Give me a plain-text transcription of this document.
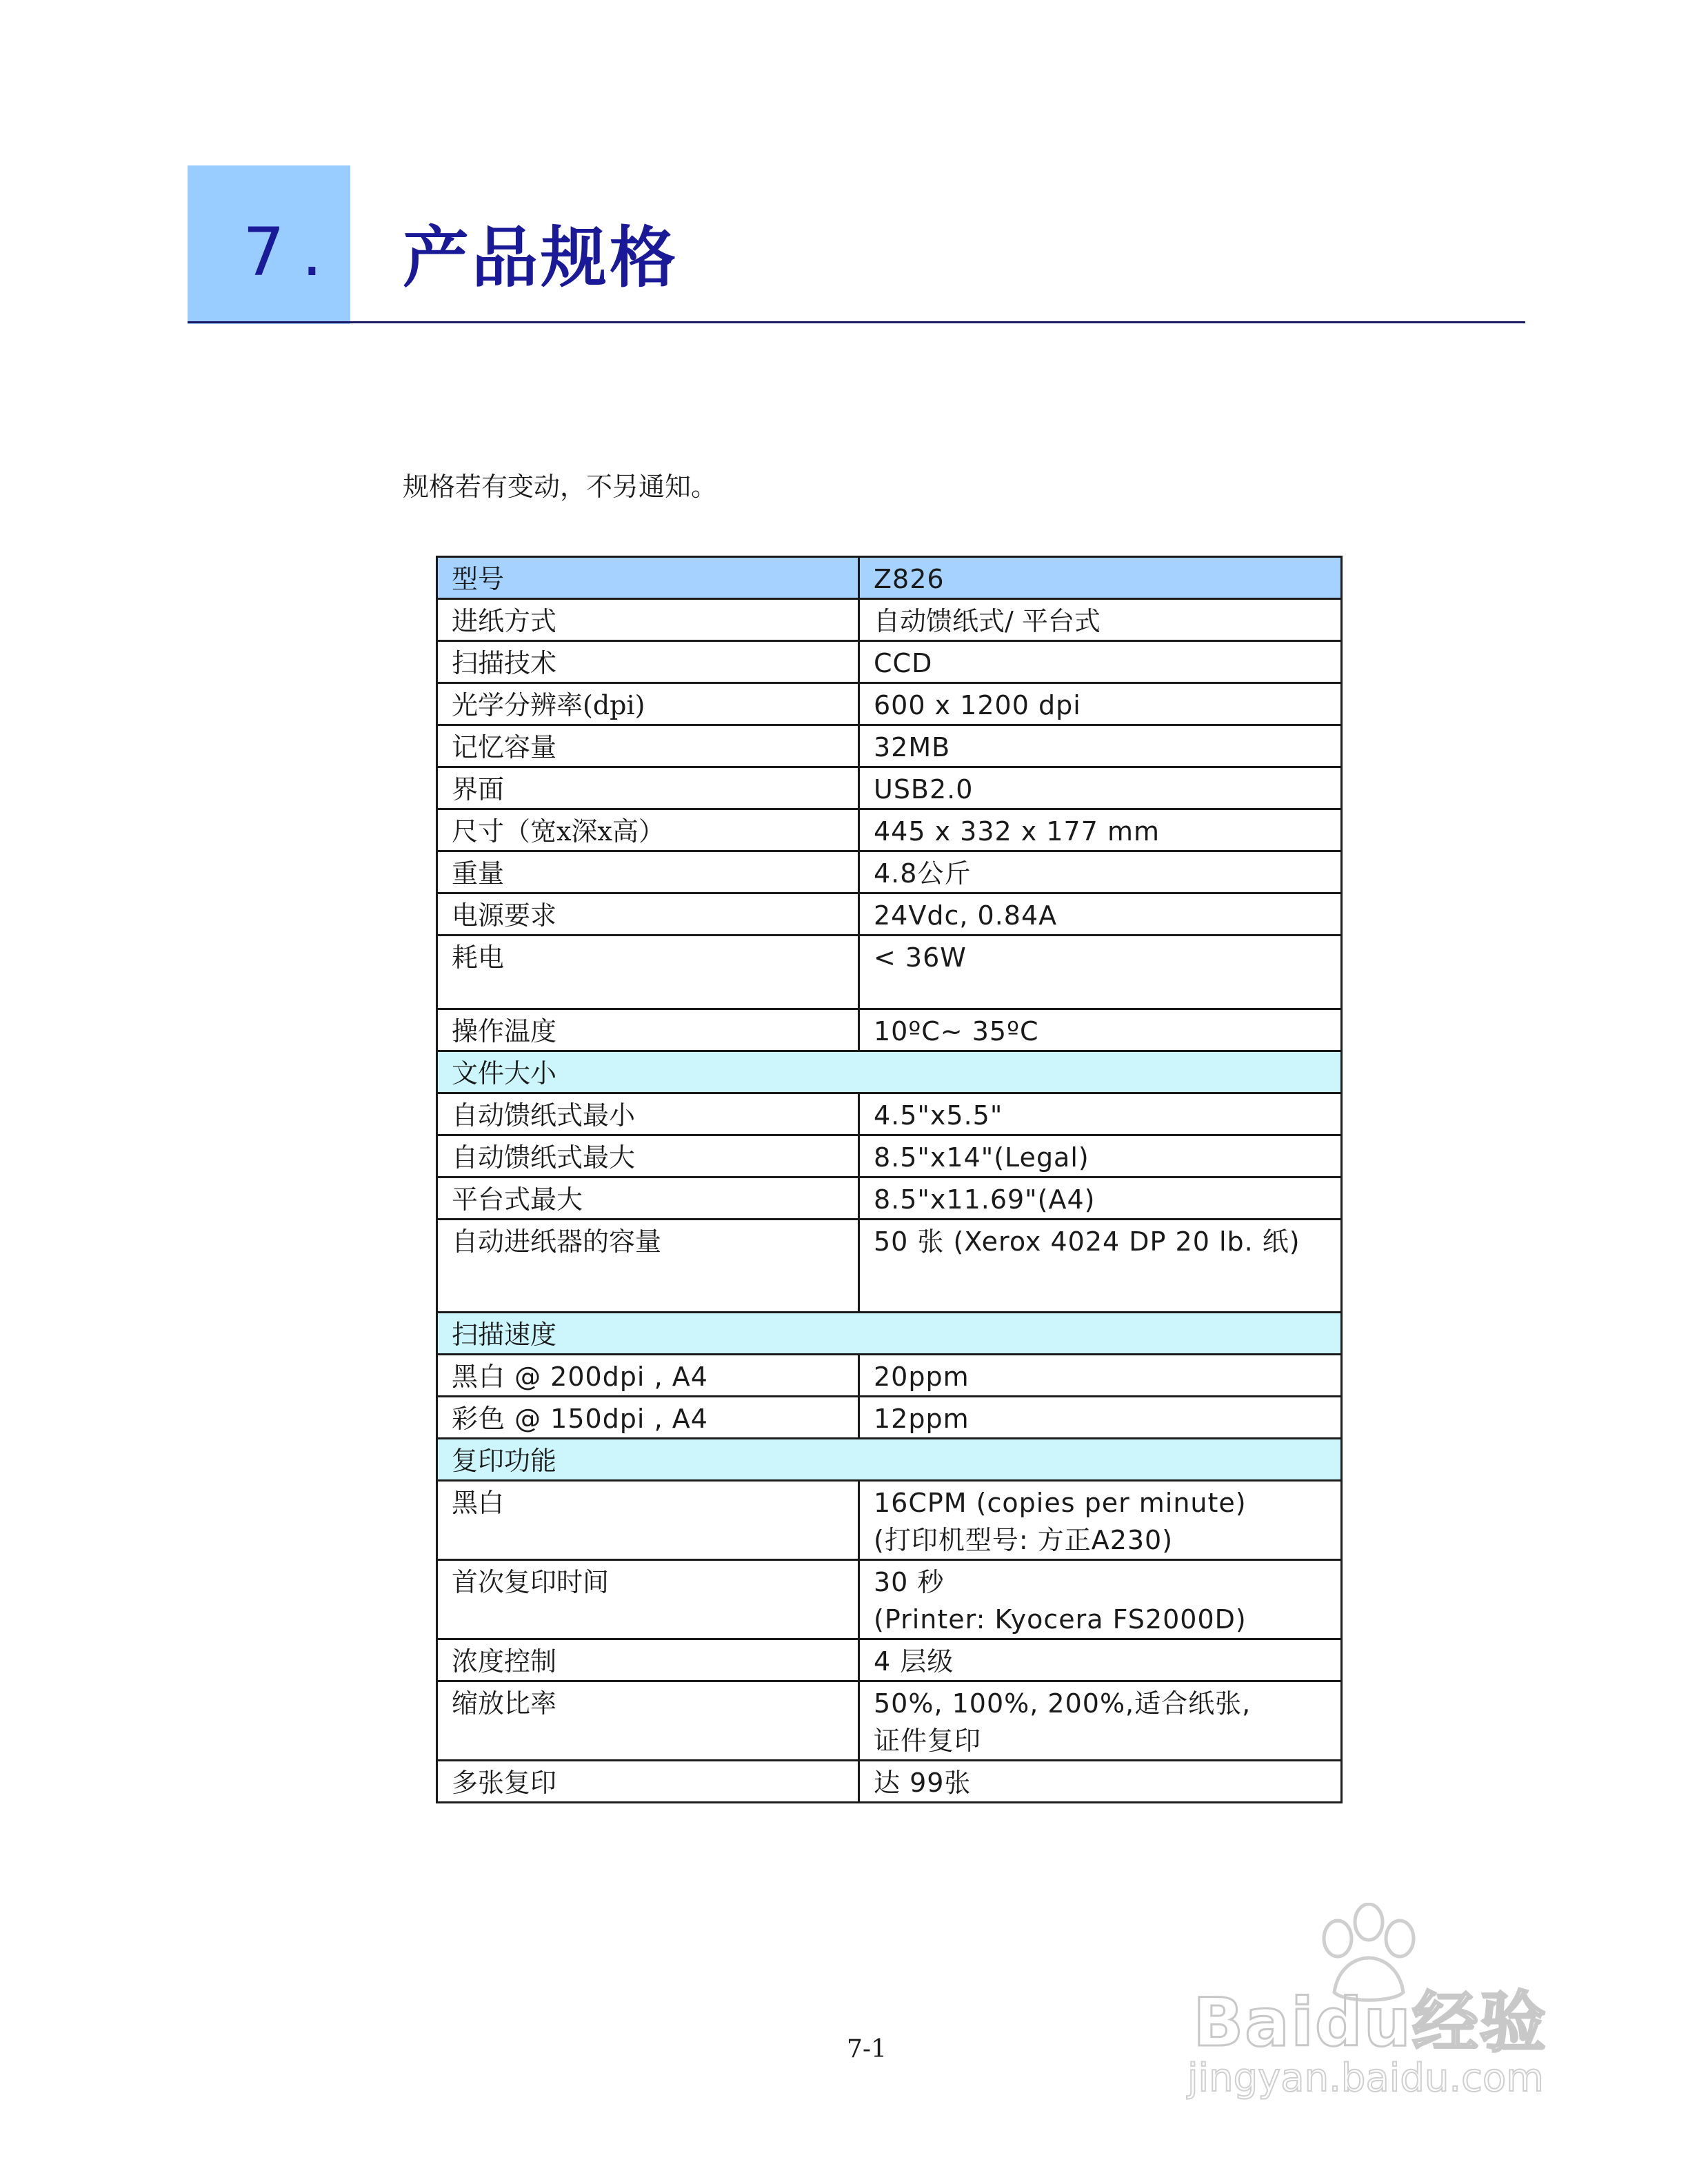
7. 产品规格
规格若有变动，不另通知。
型号	Z826
进纸方式	自动馈纸式/ 平台式
扫描技术	CCD
光学分辨率(dpi)	600 x 1200 dpi
记忆容量	32MB
界面	USB2.0
尺寸（宽x深x高）	445 x 332 x 177 mm
重量	4.8公斤
电源要求	24Vdc, 0.84A
耗电	< 36W
操作温度	10ºC~ 35ºC
文件大小	
自动馈纸式最小	4.5"x5.5"
自动馈纸式最大	8.5"x14"(Legal)
平台式最大	8.5"x11.69"(A4)
自动进纸器的容量	50 张 (Xerox 4024 DP 20 lb. 纸)
扫描速度	
黑白 @ 200dpi , A4	20ppm
彩色 @ 150dpi , A4	12ppm
复印功能	
黑白	16CPM (copies per minute)
(打印机型号: 方正A230)

首次复印时间	30 秒
(Printer: Kyocera FS2000D)

浓度控制	4 层级
缩放比率	50%, 100%, 200%,适合纸张,
证件复印

多张复印	达 99张
7-1	Baidu经验
jingyan.baidu.com
